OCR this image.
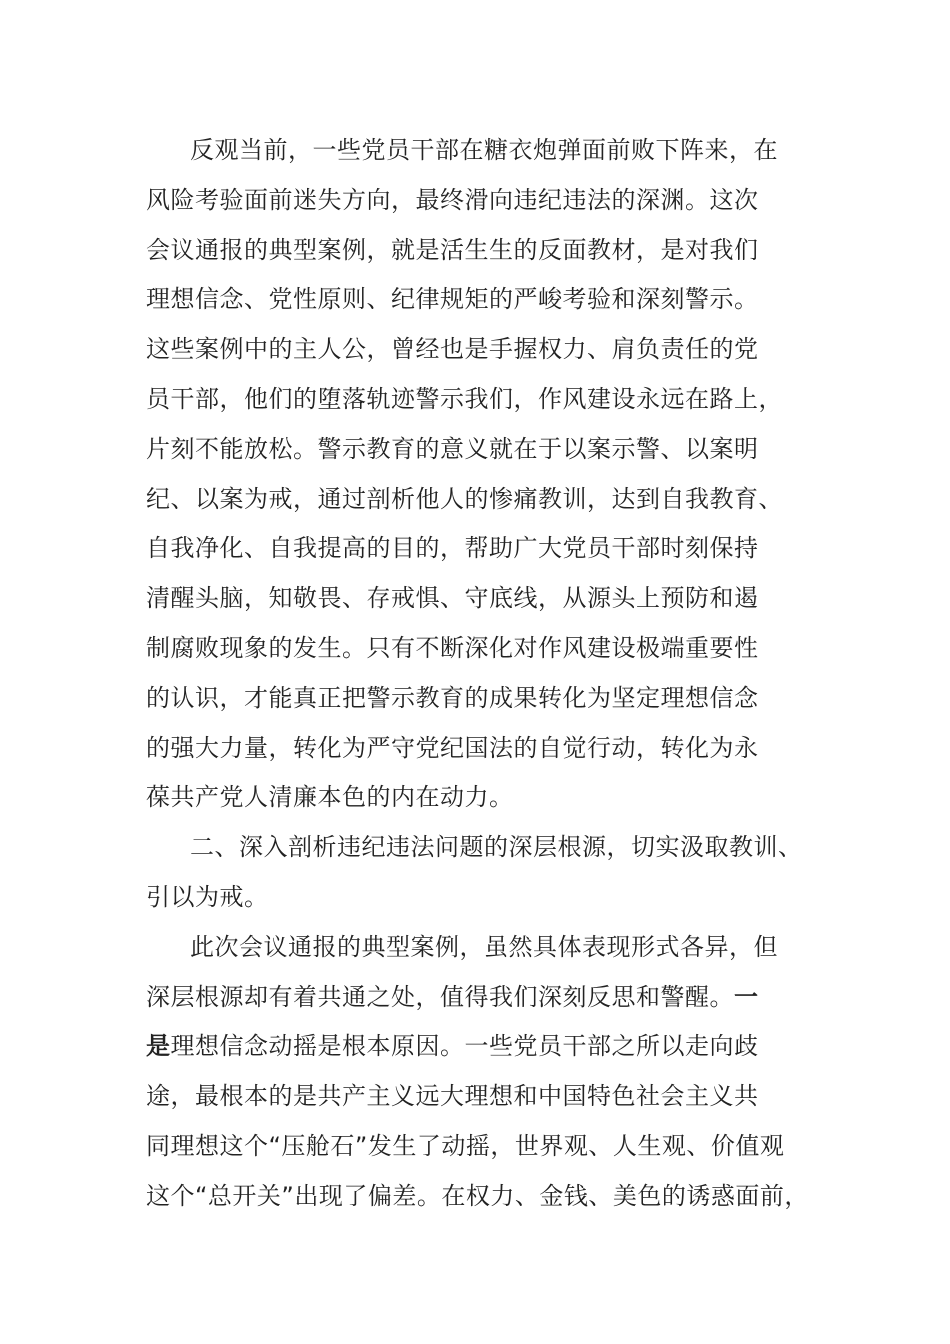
反观当前，一些党员干部在糖衣炮弹面前败下阵来，在
风险考验面前迷失方向，最终滑向违纪违法的深渊。这次
会议通报的典型案例，就是活生生的反面教材，是对我们
理想信念、党性原则、纪律规矩的严峻考验和深刻警示。
这些案例中的主人公，曾经也是手握权力、肩负责任的党
员干部，他们的堕落轨迹警示我们，作风建设永远在路上，
片刻不能放松。警示教育的意义就在于以案示警、以案明
纪、以案为戒，通过剖析他人的惨痛教训，达到自我教育、
自我净化、自我提高的目的，帮助广大党员干部时刻保持
清醒头脑，知敬畏、存戒惧、守底线，从源头上预防和遏
制腐败现象的发生。只有不断深化对作风建设极端重要性
的认识，才能真正把警示教育的成果转化为坚定理想信念
的强大力量，转化为严守党纪国法的自觉行动，转化为永
葆共产党人清廉本色的内在动力。
二、深入剖析违纪违法问题的深层根源，切实汲取教训、
引以为戒。
此次会议通报的典型案例，虽然具体表现形式各异，但
深层根源却有着共通之处，值得我们深刻反思和警醒。一
是理想信念动摇是根本原因。一些党员干部之所以走向歧
途，最根本的是共产主义远大理想和中国特色社会主义共
同理想这个“压舱石”发生了动摇，世界观、人生观、价值观
这个“总开关”出现了偏差。在权力、金钱、美色的诱惑面前，
